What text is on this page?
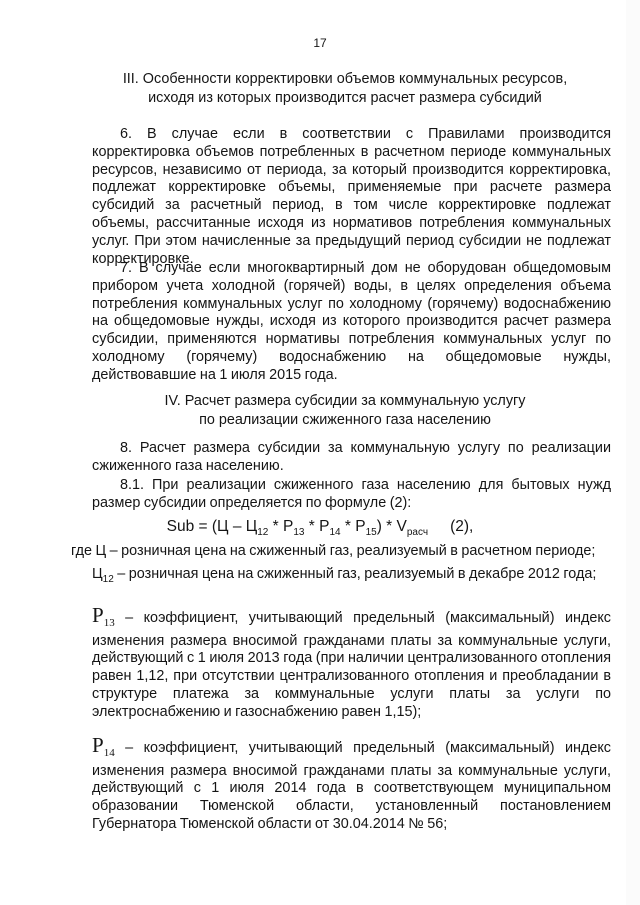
17
III. Особенности корректировки объемов коммунальных ресурсов,
исходя из которых производится расчет размера субсидий
6. В случае если в соответствии с Правилами производится корректировка объемов потребленных в расчетном периоде коммунальных ресурсов, независимо от периода, за который производится корректировка, подлежат корректировке объемы, применяемые при расчете размера субсидий за расчетный период, в том числе корректировке подлежат объемы, рассчитанные исходя из нормативов потребления коммунальных услуг. При этом начисленные за предыдущий период субсидии не подлежат корректировке.
7. В случае если многоквартирный дом не оборудован общедомовым прибором учета холодной (горячей) воды, в целях определения объема потребления коммунальных услуг по холодному (горячему) водоснабжению на общедомовые нужды, исходя из которого производится расчет размера субсидии, применяются нормативы потребления коммунальных услуг по холодному (горячему) водоснабжению на общедомовые нужды, действовавшие на 1 июля 2015 года.
IV. Расчет размера субсидии за коммунальную услугу
по реализации сжиженного газа населению
8. Расчет размера субсидии за коммунальную услугу по реализации сжиженного газа населению.
8.1. При реализации сжиженного газа населению для бытовых нужд размер субсидии определяется по формуле (2):
Sub = $(Ц - Ц_{12} * P_{13} * P_{14} * P_{15}) * V_{расч}$ (2),
где Ц – розничная цена на сжиженный газ, реализуемый в расчетном периоде;
$Ц_{12}$ – розничная цена на сжиженный газ, реализуемый в декабре 2012 года;
$P_{13}$ – коэффициент, учитывающий предельный (максимальный) индекс изменения размера вносимой гражданами платы за коммунальные услуги, действующий с 1 июля 2013 года (при наличии централизованного отопления равен 1,12, при отсутствии централизованного отопления и преобладании в структуре платежа за коммунальные услуги платы за услуги по электроснабжению и газоснабжению равен 1,15);
$P_{14}$ – коэффициент, учитывающий предельный (максимальный) индекс изменения размера вносимой гражданами платы за коммунальные услуги, действующий с 1 июля 2014 года в соответствующем муниципальном образовании Тюменской области, установленный постановлением Губернатора Тюменской области от 30.04.2014 № 56;
